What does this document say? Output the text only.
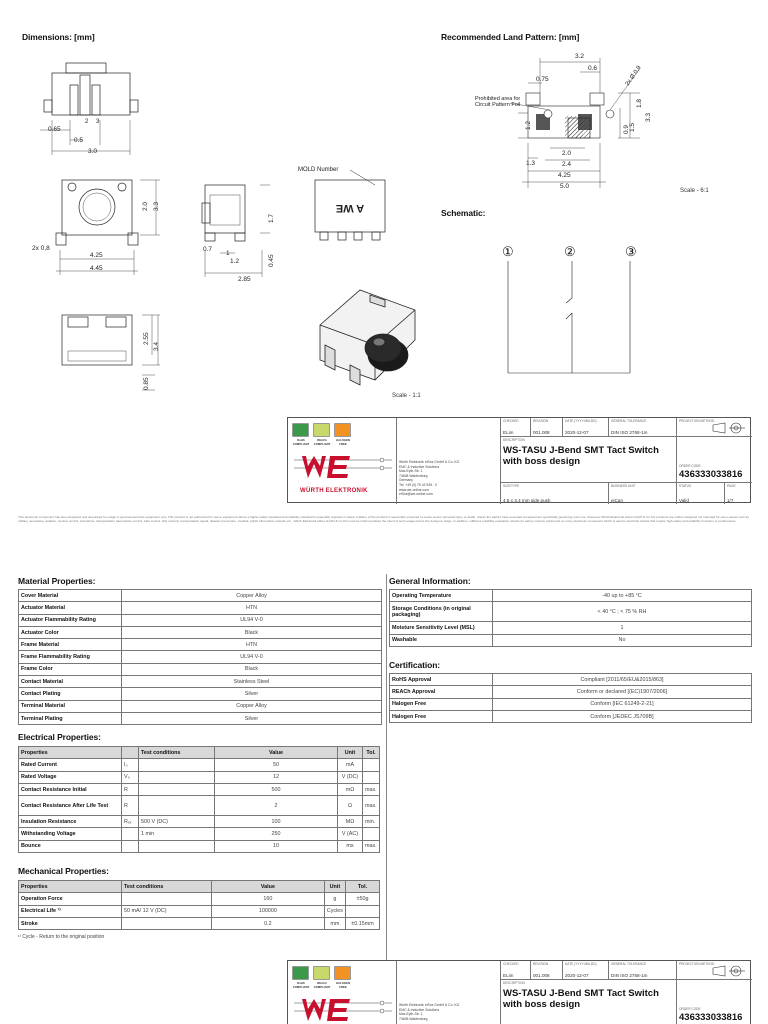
Dimensions: [mm]
0.65
0.5
3.0
2 3
2.0 3.3
2x 0,8
4.25
4.45
0.7
1
1.2
2.85
1.7
0.45
MOLD Number
A WE
2.55
3.4
0.85
Scale - 1:1
Recommended Land Pattern: [mm]
3.2
0.6
0.75	2x Ø 0,9
Prohibited area for
Circuit Pattern Foil	1.8
3.3
1.5
1.2	0.9
2.0
2.4
4.25
1.3
5.0
Scale - 6:1
Schematic:
①	②	③
RoHS COMPLIANT
REACh COMPLIANT
HALOGEN FREE
WÜRTH ELEKTRONIK
Würth Elektronik eiSos GmbH & Co. KG
EMC & Inductive Solutions
Max-Eyth-Str. 1
74638 Waldenburg
Germany
Tel. +49 (0) 79 42 945 - 0
www.we-online.com
eiSos@we-online.com
CHECKED
ELim
REVISION
001.008
DATE (YYYY-MM-DD)
2020-12-07
GENERAL TOLERANCE
DIN ISO 2768-1m
PROJECTION METHOD
DESCRIPTION
WS-TASU J-Bend SMT Tact Switch
with boss design	ORDER CODE
436333033816
SIZE/TYPE
4.5 x 3.4 mm side push
BUSINESS UNIT
eiCan
STATUS
Valid
PAGE
1/7
This electronic component has been designed and developed for usage in general electronic equipment only. This product is not authorized for use in equipment where a higher safety standard and reliability standard is especially required or where a failure of the product is reasonably expected to cause severe personal injury or death, unless the parties have executed an agreement specifically governing such use. Moreover Würth Elektronik eiSos GmbH & Co KG products are neither designed nor intended for use in areas such as military, aerospace, aviation, nuclear control, submarine, transportation (automotive control, train control, ship control), transportation signal, disaster prevention, medical, public information network etc.. Würth Elektronik eiSos GmbH & Co KG must be informed about the intent of such usage before the design-in stage. In addition, sufficient reliability evaluation checks for safety must be performed on every electronic component which is used in electrical circuits that require high safety and reliability functions or performance.
Material Properties:
Cover Material	Copper Alloy
Actuator Material	HTN
Actuator Flammability Rating	UL94 V-0
Actuator Color	Black
Frame Material	HTN
Frame Flammability Rating	UL94 V-0
Frame Color	Black
Contact Material	Stainless Steel
Contact Plating	Silver
Terminal Material	Copper Alloy
Terminal Plating	Silver
General Information:
Operating Temperature	-40 up to +85 °C
Storage Conditions (in original packaging)	< 40 °C ; < 75 % RH
Moisture Sensitivity Level (MSL)	1
Washable	No
Certification:
RoHS Approval	Compliant [2011/65/EU&2015/863]
REACh Approval	Conform or declared [(EC)1907/2006]
Halogen Free	Conform [IEC 61249-2-21]
Halogen Free	Conform [JEDEC JS709B]
Electrical Properties:
Properties		Test conditions	Value	Unit	Tol.
Rated Current	I₀		50	mA	
Rated Voltage	V₀		12	V (DC)	
Contact Resistance Initial	R		500	mΩ	max.
Contact Resistance After Life Test	R		2	Ω	max.
Insulation Resistance	Rₓₓ	500 V (DC)	100	MΩ	min.
Withstanding Voltage		1 min	250	V (AC)	
Bounce			10	ms	max.
Mechanical Properties:
Properties	Test conditions	Value	Unit	Tol.
Operation Force		160	g	±50g
Electrical Life ¹⁾	50 mA/ 12 V (DC)	100000	Cycles	
Stroke		0.2	mm	±0.15mm
¹⁾ Cycle - Return to the original position
RoHS COMPLIANT
REACh COMPLIANT
HALOGEN FREE
Würth Elektronik eiSos GmbH & Co. KG
EMC & Inductive Solutions
Max-Eyth-Str. 1
74638 Waldenburg
CHECKED
ELim
REVISION
001.008
DATE (YYYY-MM-DD)
2020-12-07
GENERAL TOLERANCE
DIN ISO 2768-1m
PROJECTION METHOD
DESCRIPTION
WS-TASU J-Bend SMT Tact Switch
with boss design	ORDER CODE
436333033816
